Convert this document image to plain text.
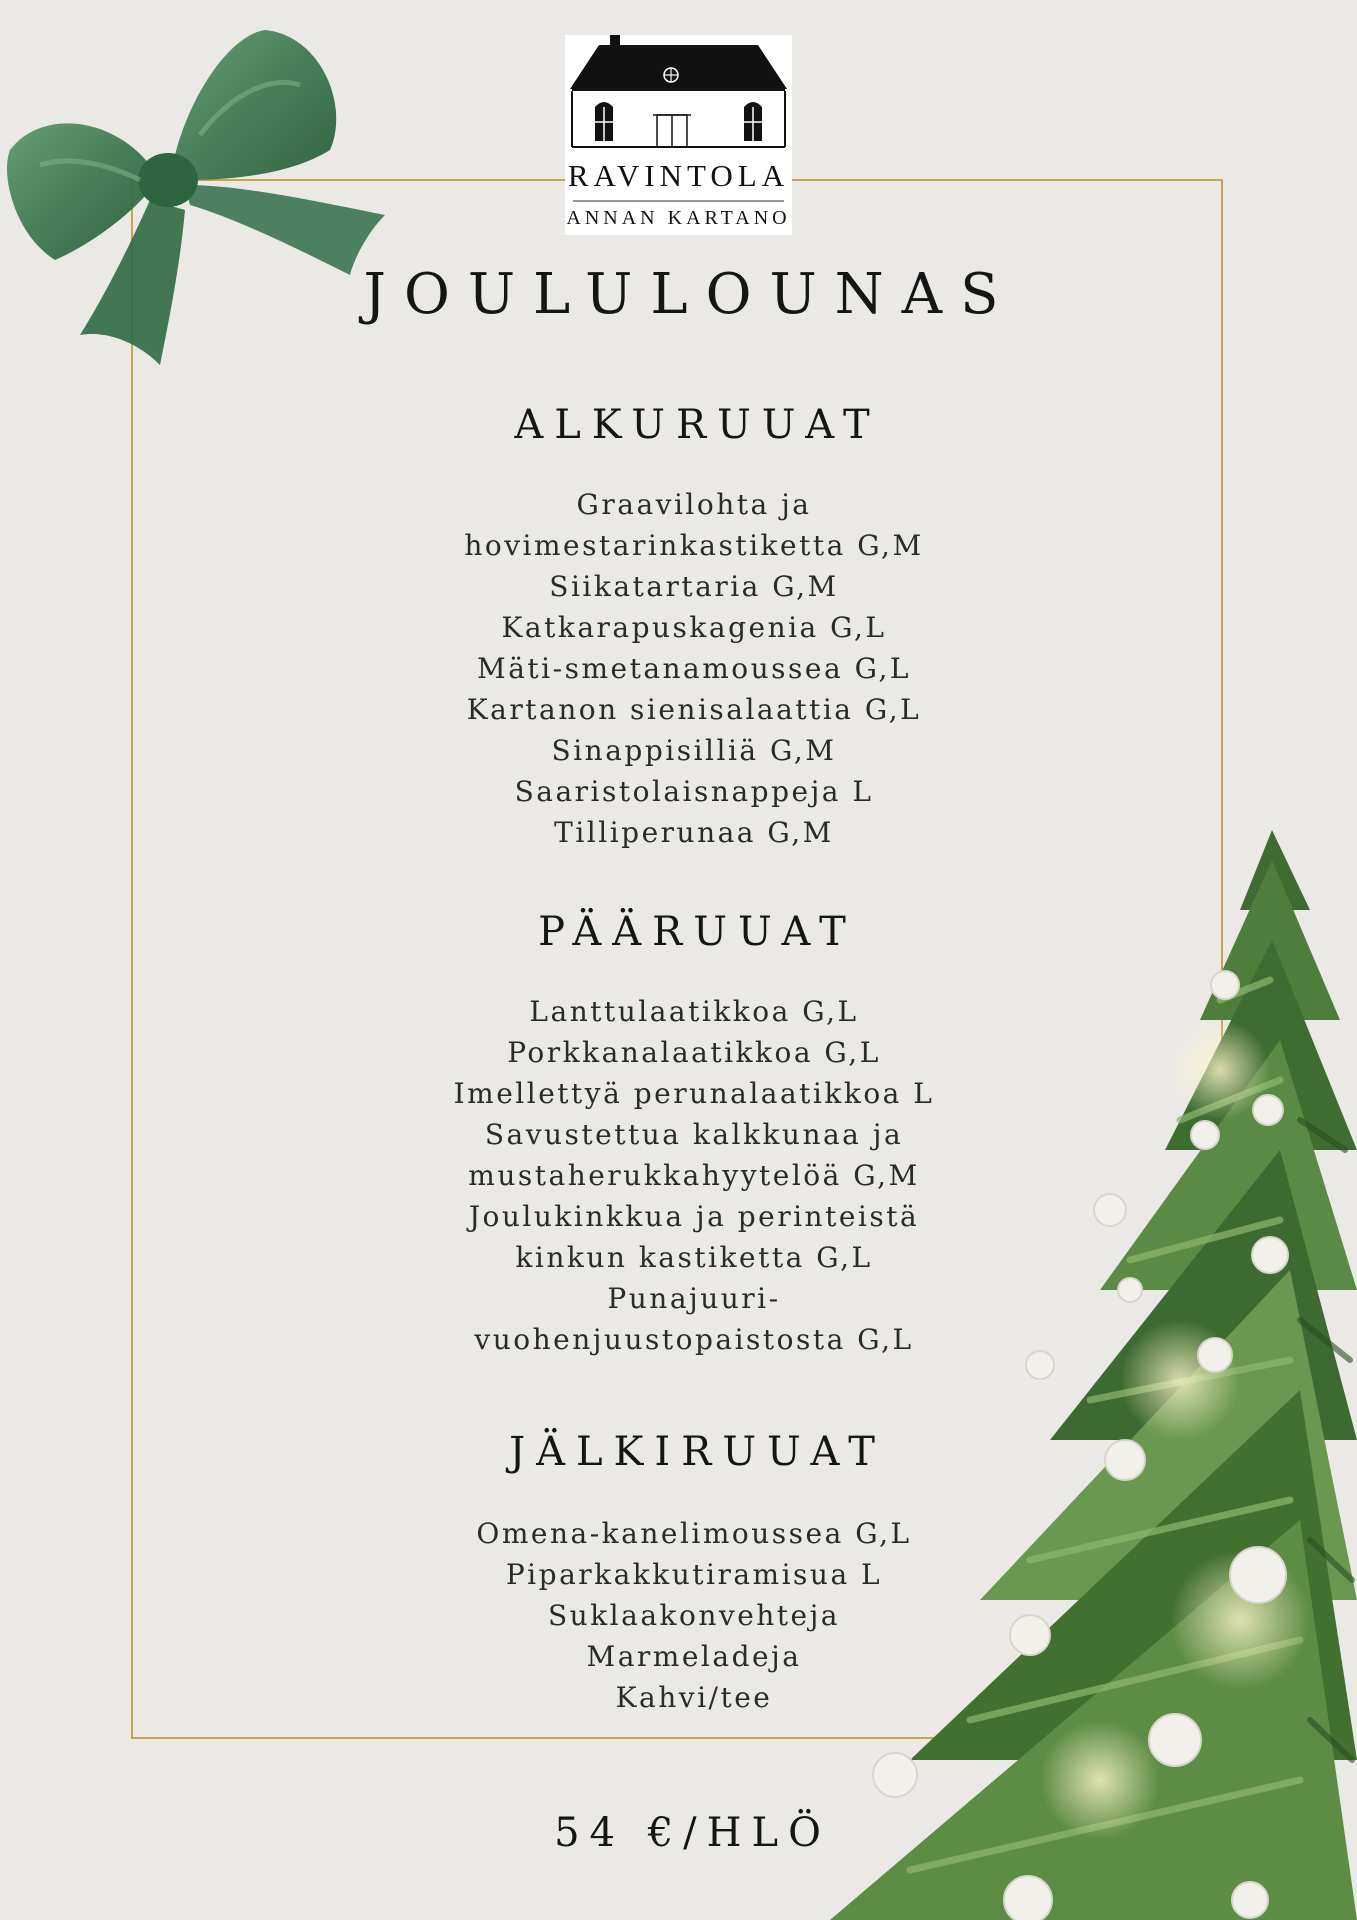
RAVINTOLA
ANNAN KARTANO
JOULULOUNAS
ALKURUUAT
Graavilohta ja
hovimestarinkastiketta G,M
Siikatartaria G,M
Katkarapuskagenia G,L
Mäti-smetanamoussea G,L
Kartanon sienisalaattia G,L
Sinappisilliä G,M
Saaristolaisnappeja L
Tilliperunaa G,M
PÄÄRUUAT
Lanttulaatikkoa G,L
Porkkanalaatikkoa G,L
Imellettyä perunalaatikkoa L
Savustettua kalkkunaa ja
mustaherukkahyytelöä G,M
Joulukinkkua ja perinteistä
kinkun kastiketta G,L
Punajuuri-
vuohenjuustopaistosta G,L
JÄLKIRUUAT
Omena-kanelimoussea G,L
Piparkakkutiramisua L
Suklaakonvehteja
Marmeladeja
Kahvi/tee
54 €/HLÖ
